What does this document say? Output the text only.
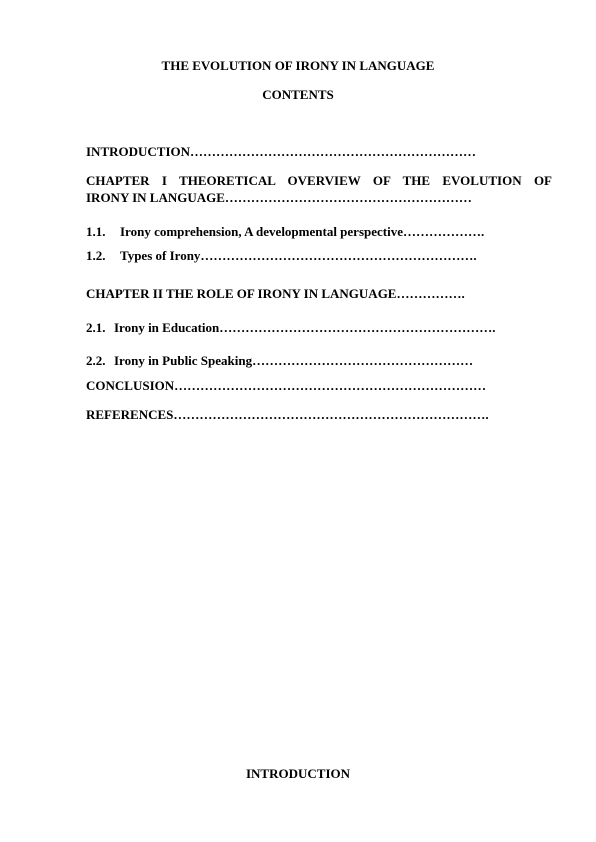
THE EVOLUTION OF IRONY IN LANGUAGE
CONTENTS
INTRODUCTION…………………………………………………………
CHAPTER I THEORETICAL OVERVIEW OF THE EVOLUTION OF
IRONY IN LANGUAGE…………………………………………………
1.1. Irony comprehension, A developmental perspective……………….
1.2. Types of Irony……………………………………………………….
CHAPTER II THE ROLE OF IRONY IN LANGUAGE…………….
2.1. Irony in Education……………………………………………………….
2.2. Irony in Public Speaking……………………………………………
CONCLUSION………………………………………………………………
REFERENCES……………………………………………………………….
INTRODUCTION
